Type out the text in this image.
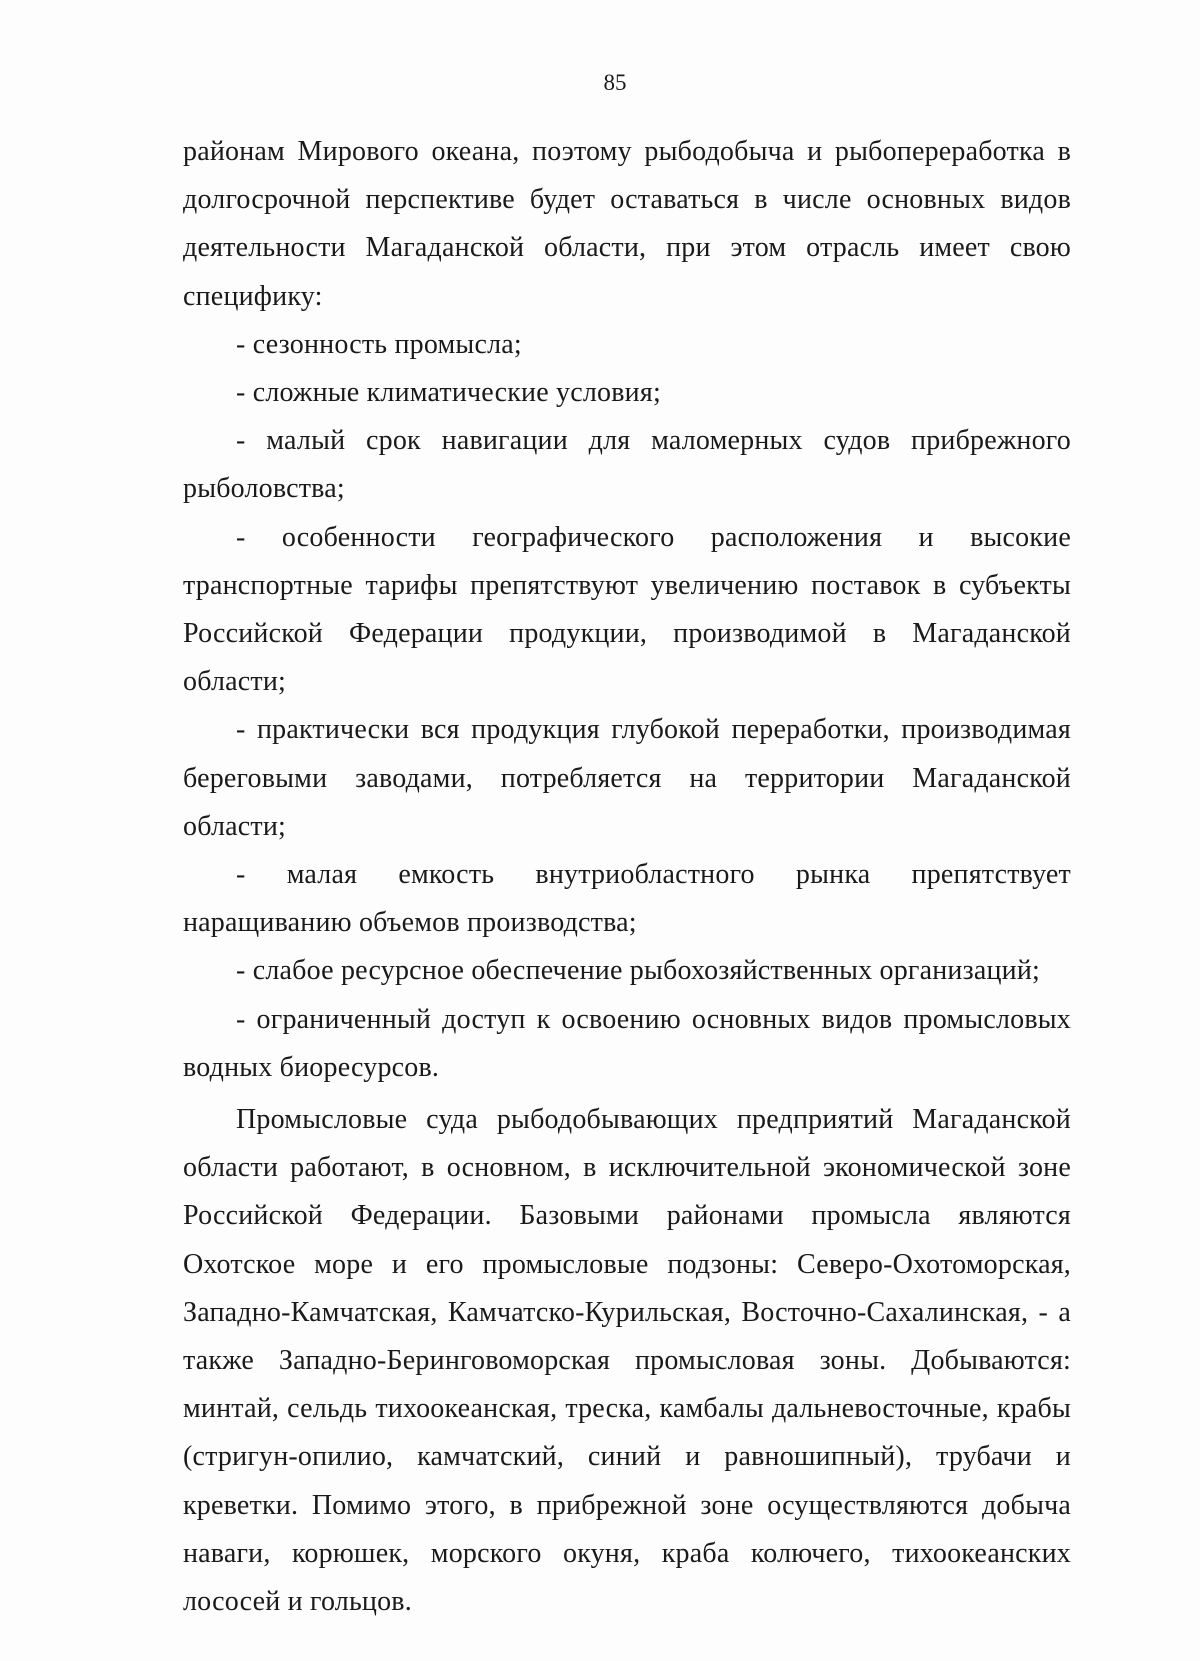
85

районам Мирового океана, поэтому рыбодобыча и рыбопереработка в долгосрочной перспективе будет оставаться в числе основных видов деятельности Магаданской области, при этом отрасль имеет свою специфику:

- сезонность промысла;

- сложные климатические условия;

- малый срок навигации для маломерных судов прибрежного рыболовства;

- особенности географического расположения и высокие транспортные тарифы препятствуют увеличению поставок в субъекты Российской Федерации продукции, производимой в Магаданской области;

- практически вся продукция глубокой переработки, производимая береговыми заводами, потребляется на территории Магаданской области;

- малая емкость внутриобластного рынка препятствует наращиванию объемов производства;

- слабое ресурсное обеспечение рыбохозяйственных организаций;

- ограниченный доступ к освоению основных видов промысловых водных биоресурсов.

Промысловые суда рыбодобывающих предприятий Магаданской области работают, в основном, в исключительной экономической зоне Российской Федерации. Базовыми районами промысла являются Охотское море и его промысловые подзоны: Северо-Охотоморская, Западно-Камчатская, Камчатско-Курильская, Восточно-Сахалинская, - а также Западно-Беринговоморская промысловая зоны. Добываются: минтай, сельдь тихоокеанская, треска, камбалы дальневосточные, крабы (стригун-опилио, камчатский, синий и равношипный), трубачи и креветки. Помимо этого, в прибрежной зоне осуществляются добыча наваги, корюшек, морского окуня, краба колючего, тихоокеанских лососей и гольцов.
